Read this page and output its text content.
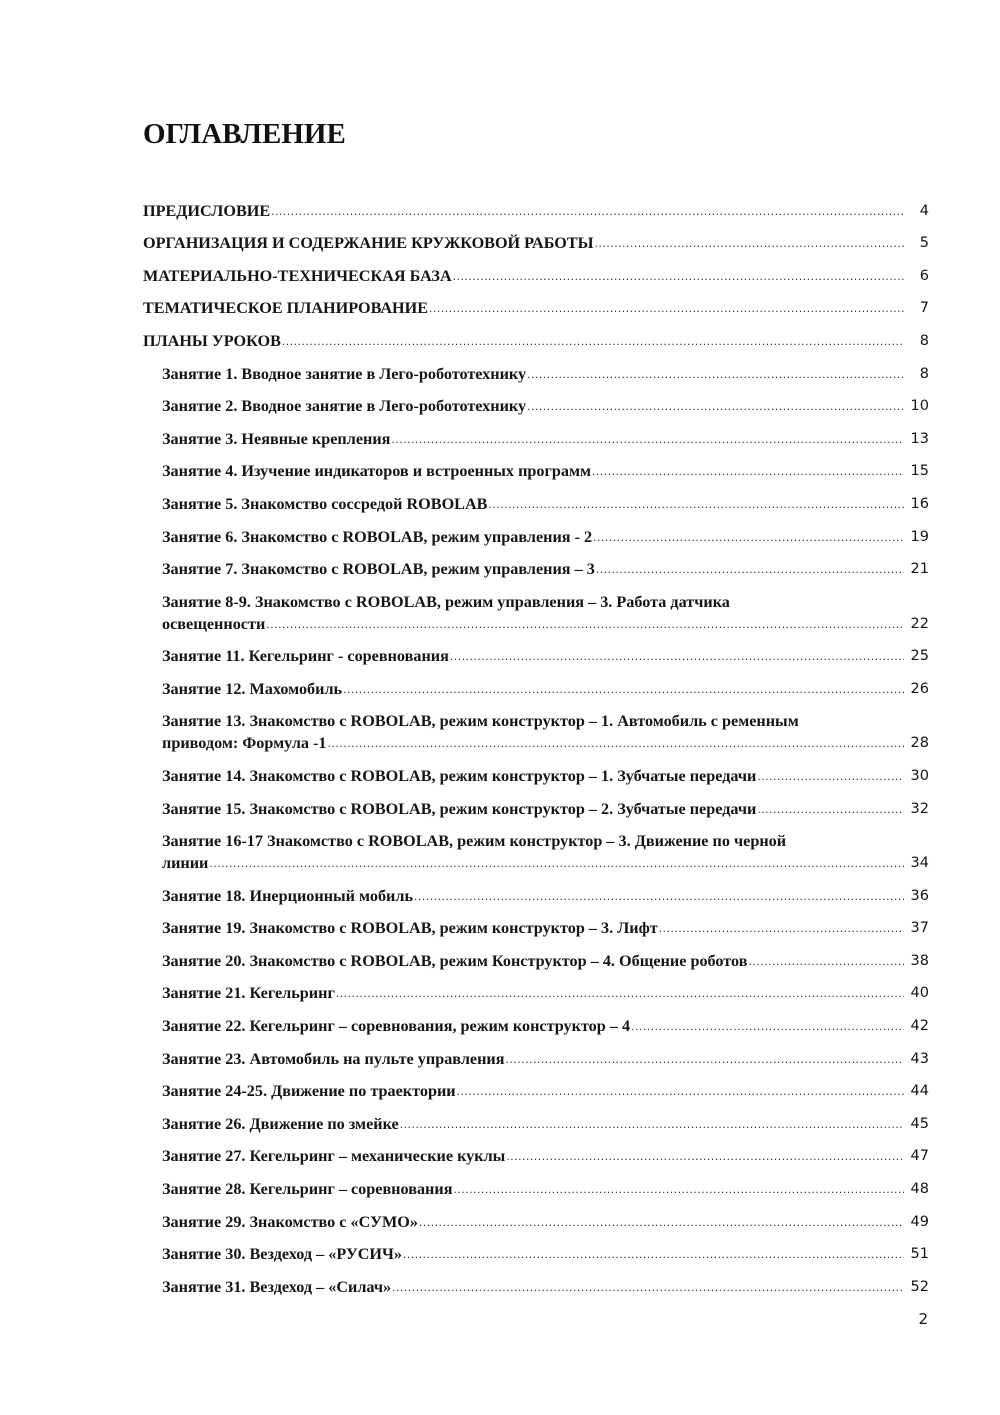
ОГЛАВЛЕНИЕ
ПРЕДИСЛОВИЕ .....	4
ОРГАНИЗАЦИЯ И СОДЕРЖАНИЕ КРУЖКОВОЙ РАБОТЫ .....	5
МАТЕРИАЛЬНО-ТЕХНИЧЕСКАЯ БАЗА .....	6
ТЕМАТИЧЕСКОЕ ПЛАНИРОВАНИЕ .....	7
ПЛАНЫ УРОКОВ .....	8
Занятие 1. Вводное занятие в Лего-робототехнику .....	8
Занятие 2. Вводное занятие в Лего-робототехнику .....	10
Занятие 3. Неявные крепления .....	13
Занятие 4. Изучение индикаторов и встроенных программ .....	15
Занятие 5. Знакомство соссредой ROBOLAB .....	16
Занятие 6. Знакомство с ROBOLAB, режим управления - 2 .....	19
Занятие 7. Знакомство с ROBOLAB, режим управления – 3 .....	21
Занятие 8-9. Знакомство с ROBOLAB, режим управления – 3. Работа датчика
освещенности .....	22
Занятие 11. Кегельринг - соревнования .....	25
Занятие 12. Махомобиль .....	26
Занятие 13. Знакомство с ROBOLAB, режим конструктор – 1. Автомобиль с ременным
приводом: Формула -1 .....	28
Занятие 14. Знакомство с ROBOLAB, режим конструктор – 1. Зубчатые передачи .....	30
Занятие 15. Знакомство с ROBOLAB, режим конструктор – 2. Зубчатые передачи .....	32
Занятие 16-17 Знакомство с ROBOLAB, режим конструктор – 3. Движение по черной
линии .....	34
Занятие 18. Инерционный мобиль .....	36
Занятие 19. Знакомство с ROBOLAB, режим конструктор – 3. Лифт .....	37
Занятие 20. Знакомство с ROBOLAB, режим Конструктор – 4. Общение роботов .....	38
Занятие 21. Кегельринг .....	40
Занятие 22. Кегельринг – соревнования, режим конструктор – 4 .....	42
Занятие 23. Автомобиль на пульте управления .....	43
Занятие 24-25. Движение по траектории .....	44
Занятие 26. Движение по змейке .....	45
Занятие 27. Кегельринг – механические куклы .....	47
Занятие 28. Кегельринг – соревнования .....	48
Занятие 29. Знакомство с «СУМО» .....	49
Занятие 30. Вездеход – «РУСИЧ» .....	51
Занятие 31. Вездеход – «Силач» .....	52
2
